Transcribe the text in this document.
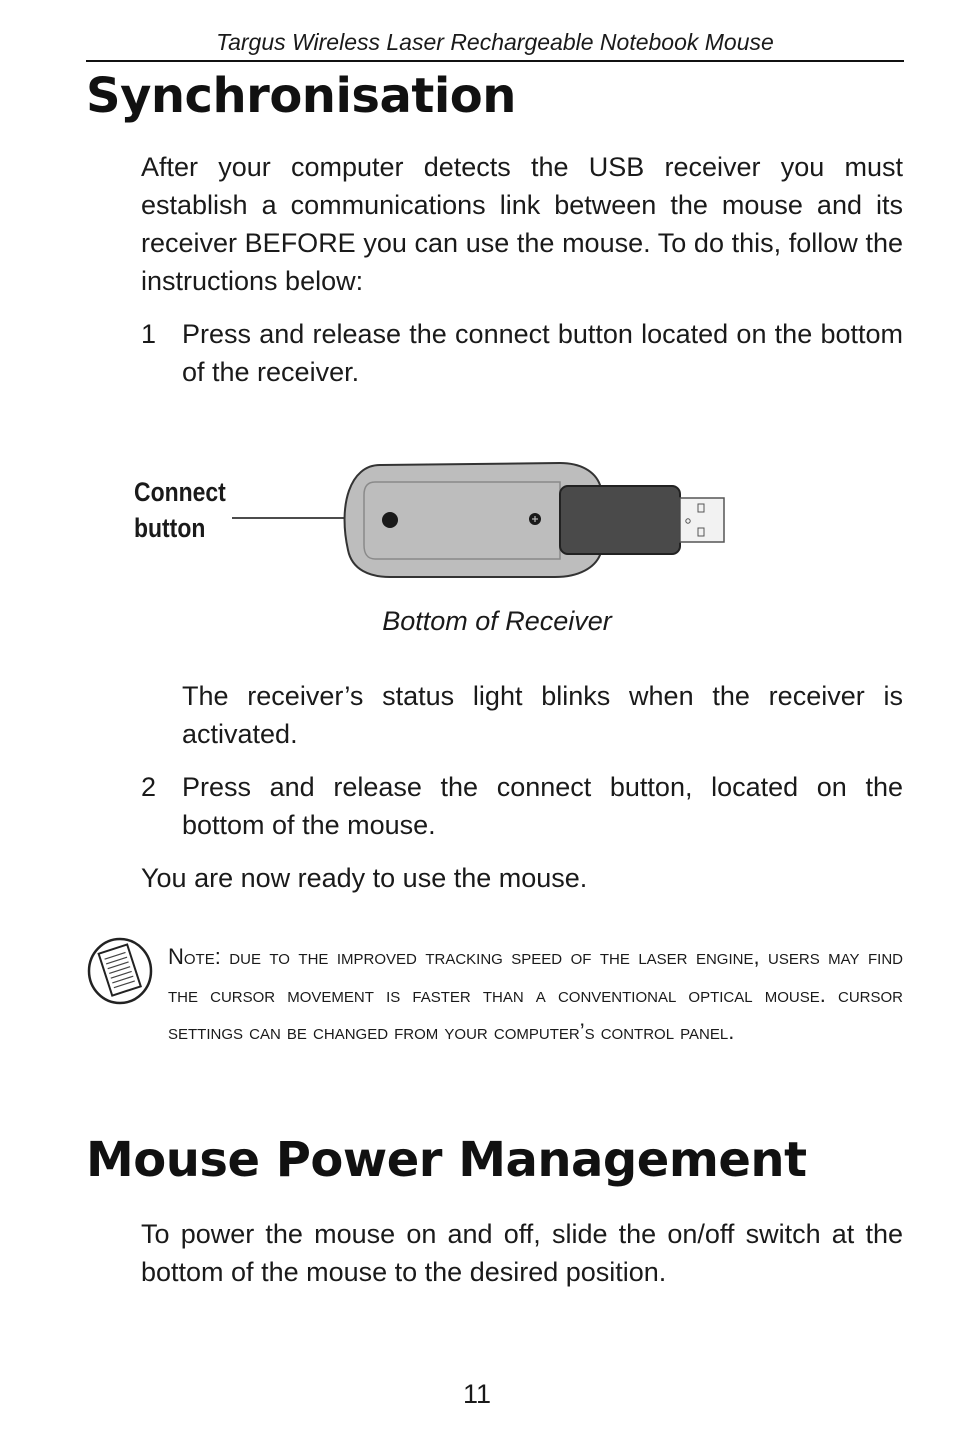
Targus Wireless Laser Rechargeable Notebook Mouse
Synchronisation

After your computer detects the USB receiver you must establish a communications link between the mouse and its receiver BEFORE you can use the mouse. To do this, follow the instructions below:

1 Press and release the connect button located on the bottom of the receiver.
Connect
button
Bottom of Receiver

The receiver’s status light blinks when the receiver is activated.

2 Press and release the connect button, located on the bottom of the mouse.

You are now ready to use the mouse.

Note: due to the improved tracking speed of the laser engine, users may find the cursor movement is faster than a conventional optical mouse. cursor settings can be changed from your computer’s control panel.

Mouse Power Management

To power the mouse on and off, slide the on/off switch at the bottom of the mouse to the desired position.

11
